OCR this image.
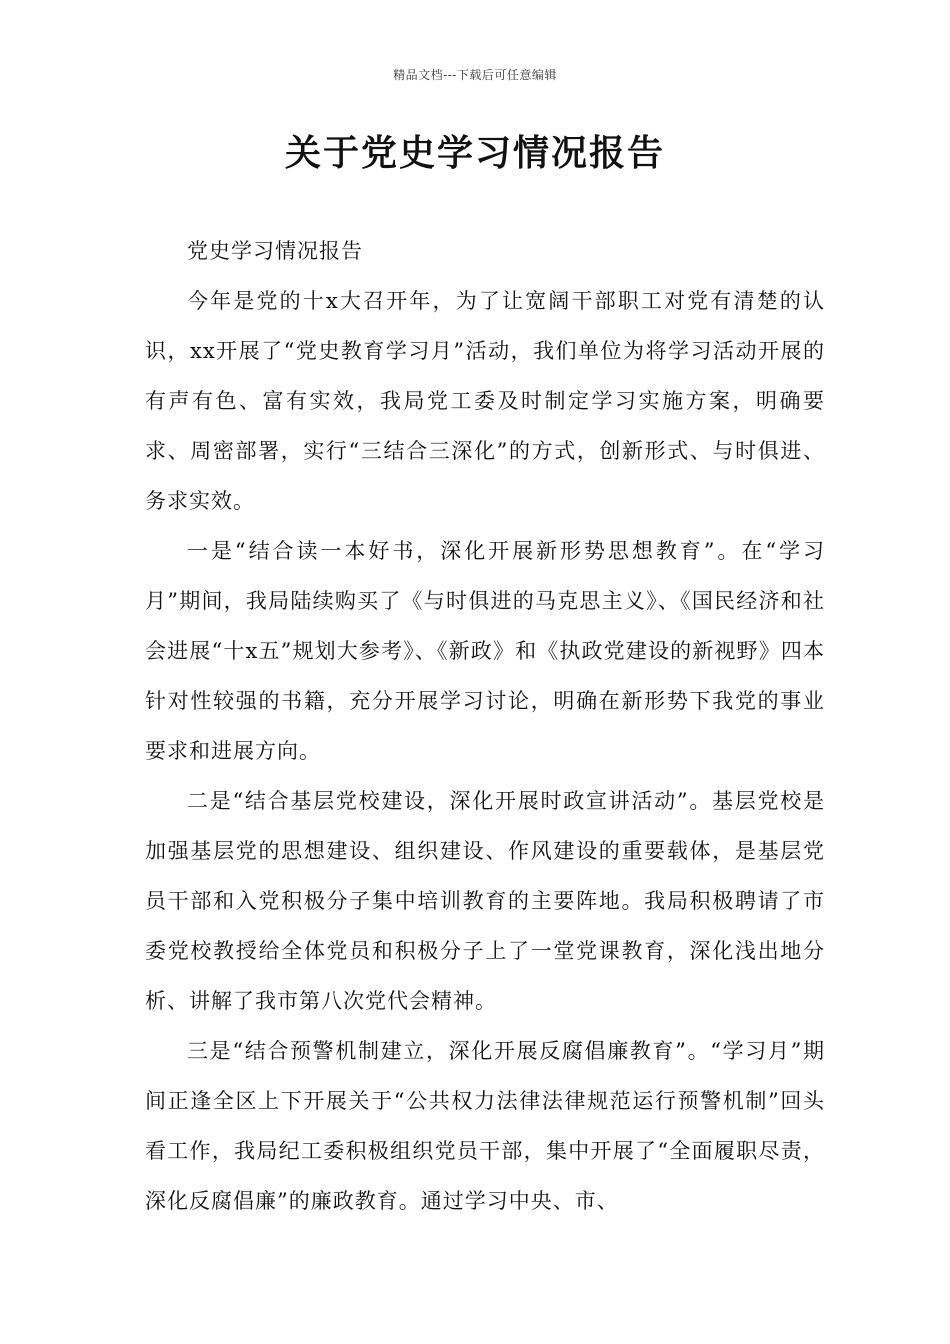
精品文档---下载后可任意编辑
关于党史学习情况报告

党史学习情况报告

今年是党的十x大召开年，为了让宽阔干部职工对党有清楚的认识，xx开展了“党史教育学习月”活动，我们单位为将学习活动开展的有声有色、富有实效，我局党工委及时制定学习实施方案，明确要求、周密部署，实行“三结合三深化”的方式，创新形式、与时俱进、务求实效。

一是“结合读一本好书，深化开展新形势思想教育”。在“学习月”期间，我局陆续购买了《与时俱进的马克思主义》、《国民经济和社会进展“十x五”规划大参考》、《新政》和《执政党建设的新视野》四本针对性较强的书籍，充分开展学习讨论，明确在新形势下我党的事业要求和进展方向。

二是“结合基层党校建设，深化开展时政宣讲活动”。基层党校是加强基层党的思想建设、组织建设、作风建设的重要载体，是基层党员干部和入党积极分子集中培训教育的主要阵地。我局积极聘请了市委党校教授给全体党员和积极分子上了一堂党课教育，深化浅出地分析、讲解了我市第八次党代会精神。

三是“结合预警机制建立，深化开展反腐倡廉教育”。“学习月”期间正逢全区上下开展关于“公共权力法律法律规范运行预警机制”回头看工作，我局纪工委积极组织党员干部，集中开展了“全面履职尽责，深化反腐倡廉”的廉政教育。通过学习中央、市、
